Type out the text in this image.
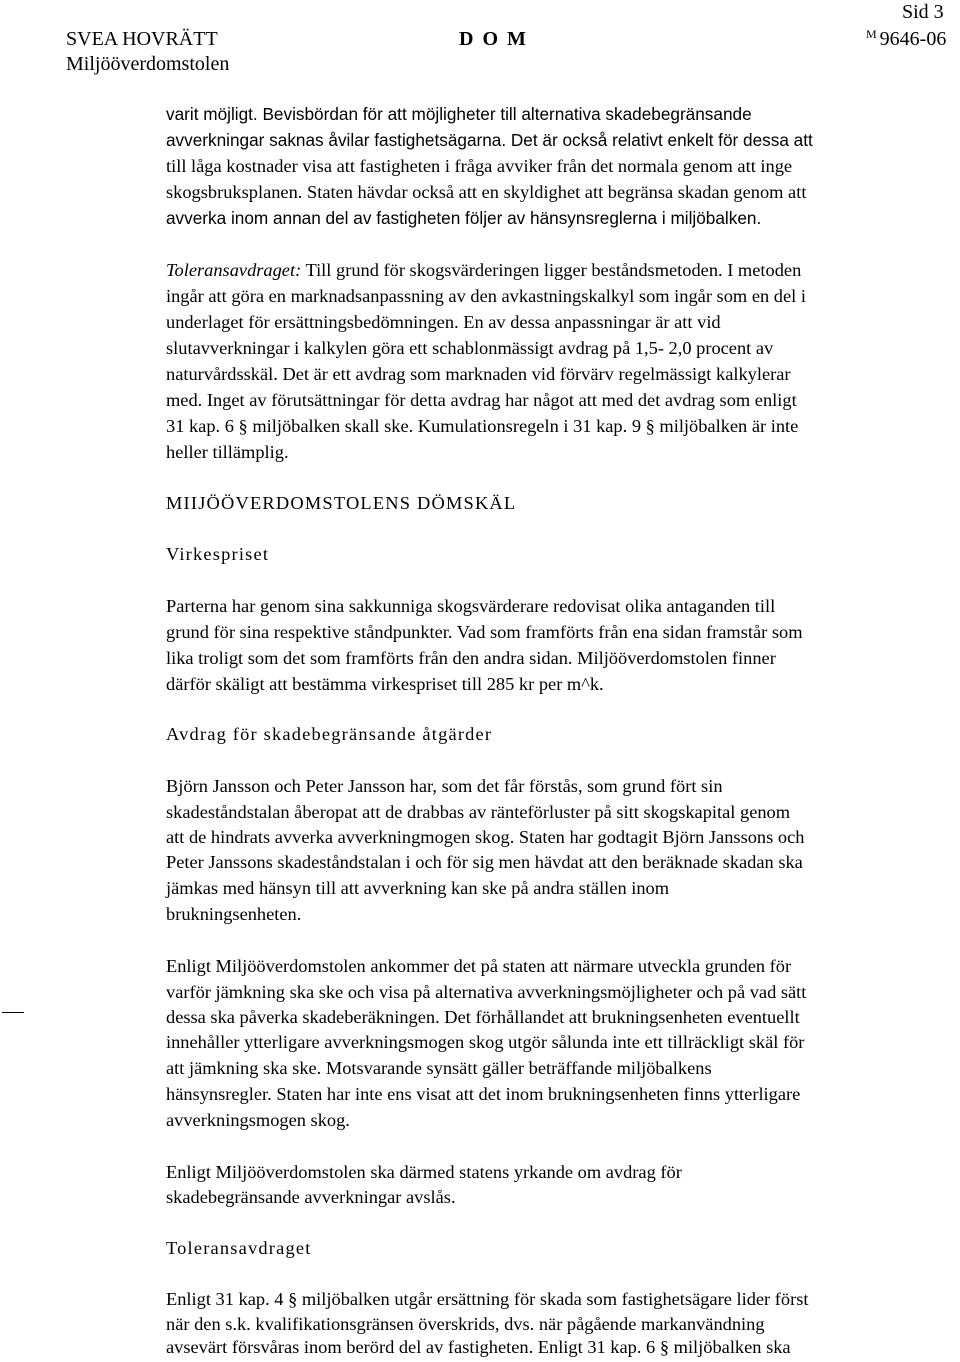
SVEA HOVRÄTT
Miljööverdomstolen
D O M	$^M$ 9646-06
Sid 3
varit möjligt. Bevisbördan för att möjligheter till alternativa skadebegränsande
avverkningar saknas åvilar fastighetsägarna. Det är också relativt enkelt för dessa att
till låga kostnader visa att fastigheten i fråga avviker från det normala genom att inge
skogsbruksplanen. Staten hävdar också att en skyldighet att begränsa skadan genom att
avverka inom annan del av fastigheten följer av hänsynsreglerna i miljöbalken.
Toleransavdraget: Till grund för skogsvärderingen ligger beståndsmetoden. I metoden
ingår att göra en marknadsanpassning av den avkastningskalkyl som ingår som en del i
underlaget för ersättningsbedömningen. En av dessa anpassningar är att vid
slutavverkningar i kalkylen göra ett schablonmässigt avdrag på 1,5- 2,0 procent av
naturvårdsskäl. Det är ett avdrag som marknaden vid förvärv regelmässigt kalkylerar
med. Inget av förutsättningar för detta avdrag har något att med det avdrag som enligt
31 kap. 6 § miljöbalken skall ske. Kumulationsregeln i 31 kap. 9 § miljöbalken är inte
heller tillämplig.
MIIJÖÖVERDOMSTOLENS DÖMSKÄL
Virkespriset
Parterna har genom sina sakkunniga skogsvärderare redovisat olika antaganden till
grund för sina respektive ståndpunkter. Vad som framförts från ena sidan framstår som
lika troligt som det som framförts från den andra sidan. Miljööverdomstolen finner
därför skäligt att bestämma virkespriset till 285 kr per m^k.
Avdrag för skadebegränsande åtgärder
Björn Jansson och Peter Jansson har, som det får förstås, som grund fört sin
skadeståndstalan åberopat att de drabbas av ränteförluster på sitt skogskapital genom
att de hindrats avverka avverkningmogen skog. Staten har godtagit Björn Janssons och
Peter Janssons skadeståndstalan i och för sig men hävdat att den beräknade skadan ska
jämkas med hänsyn till att avverkning kan ske på andra ställen inom
brukningsenheten.
Enligt Miljööverdomstolen ankommer det på staten att närmare utveckla grunden för
varför jämkning ska ske och visa på alternativa avverkningsmöjligheter och på vad sätt
dessa ska påverka skadeberäkningen. Det förhållandet att brukningsenheten eventuellt
innehåller ytterligare avverkningsmogen skog utgör sålunda inte ett tillräckligt skäl för
att jämkning ska ske. Motsvarande synsätt gäller beträffande miljöbalkens
hänsynsregler. Staten har inte ens visat att det inom brukningsenheten finns ytterligare
avverkningsmogen skog.
Enligt Miljööverdomstolen ska därmed statens yrkande om avdrag för
skadebegränsande avverkningar avslås.
Toleransavdraget
Enligt 31 kap. 4 § miljöbalken utgår ersättning för skada som fastighetsägare lider först
när den s.k. kvalifikationsgränsen överskrids, dvs. när pågående markanvändning
avsevärt försvåras inom berörd del av fastigheten. Enligt 31 kap. 6 § miljöbalken ska
